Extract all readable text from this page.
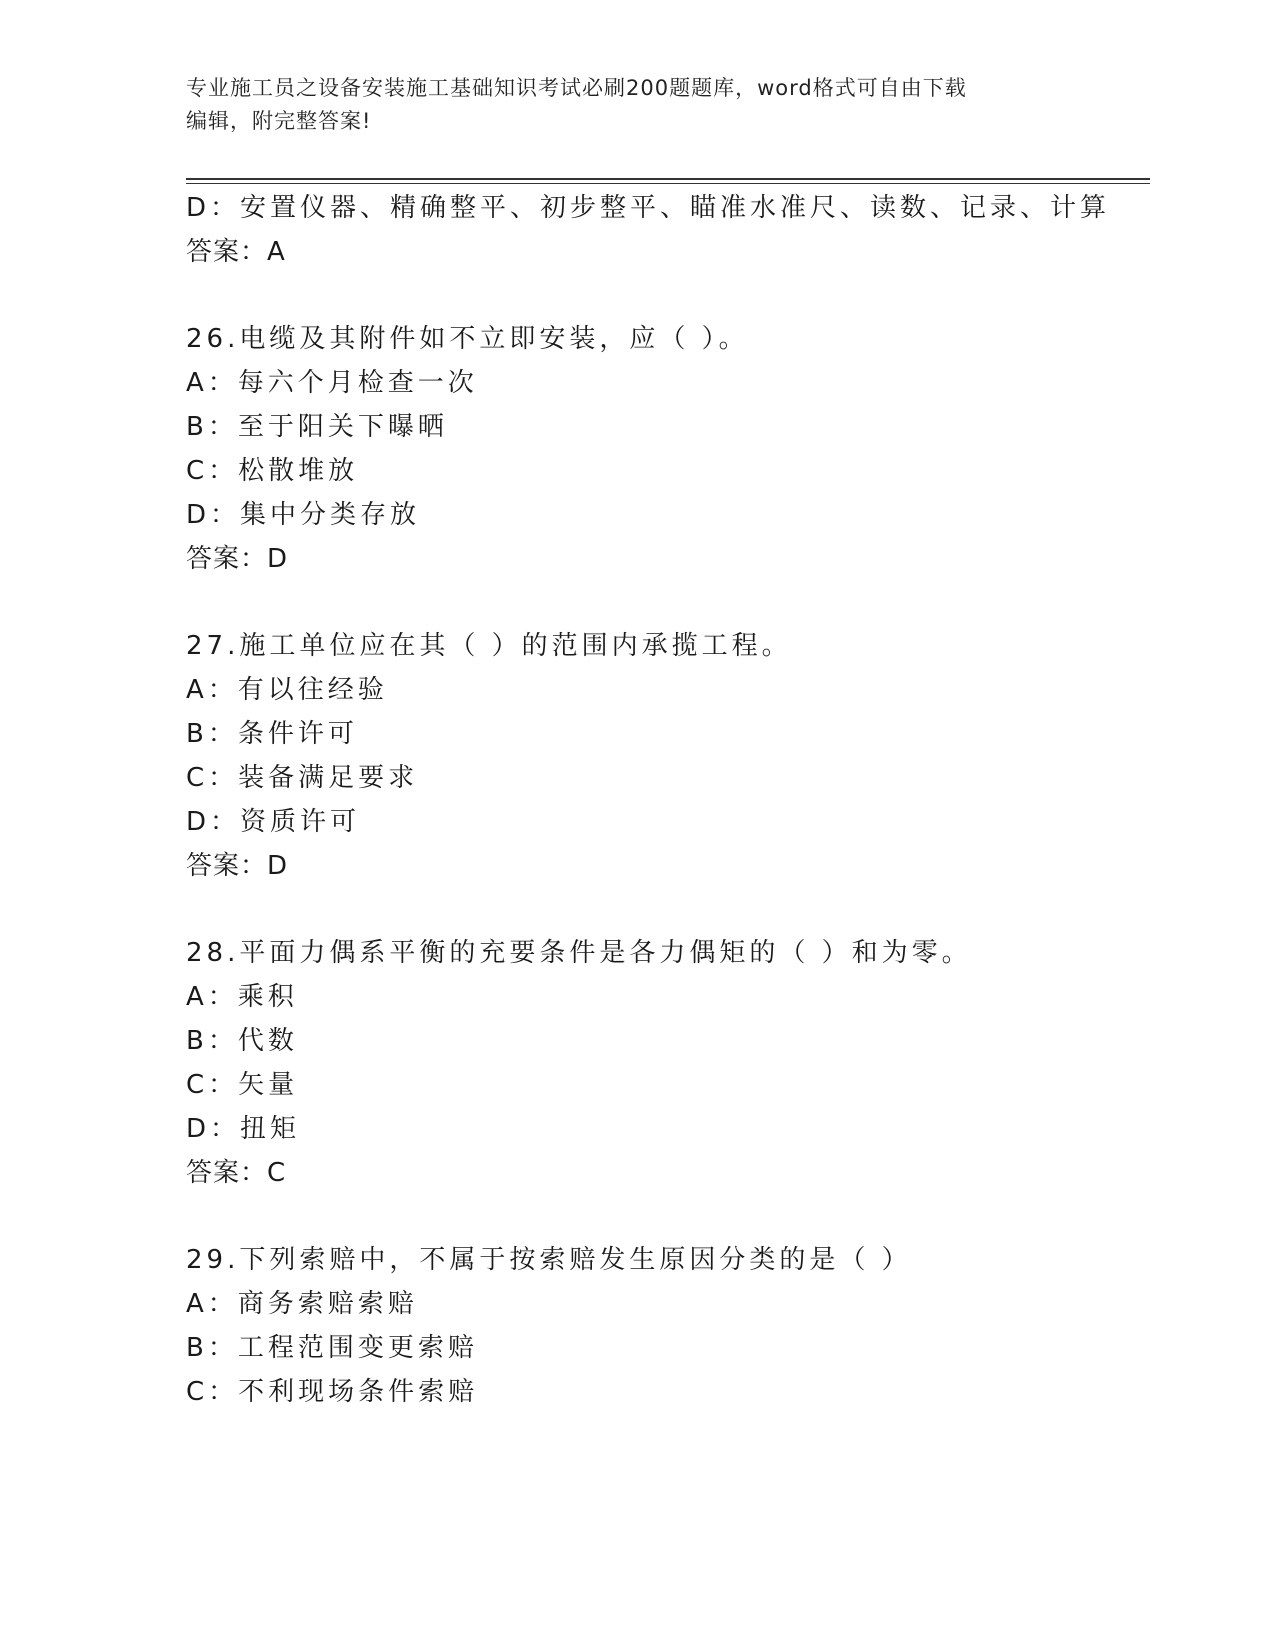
专业施工员之设备安装施工基础知识考试必刷200题题库，word格式可自由下载
编辑，附完整答案!
D：安置仪器、精确整平、初步整平、瞄准水准尺、读数、记录、计算
答案：A
26.电缆及其附件如不立即安装，应（ ）。
A：每六个月检查一次
B：至于阳关下曝晒
C：松散堆放
D：集中分类存放
答案：D
27.施工单位应在其（ ）的范围内承揽工程。
A：有以往经验
B：条件许可
C：装备满足要求
D：资质许可
答案：D
28.平面力偶系平衡的充要条件是各力偶矩的（ ）和为零。
A：乘积
B：代数
C：矢量
D：扭矩
答案：C
29.下列索赔中，不属于按索赔发生原因分类的是（ ）
A：商务索赔索赔
B：工程范围变更索赔
C：不利现场条件索赔
